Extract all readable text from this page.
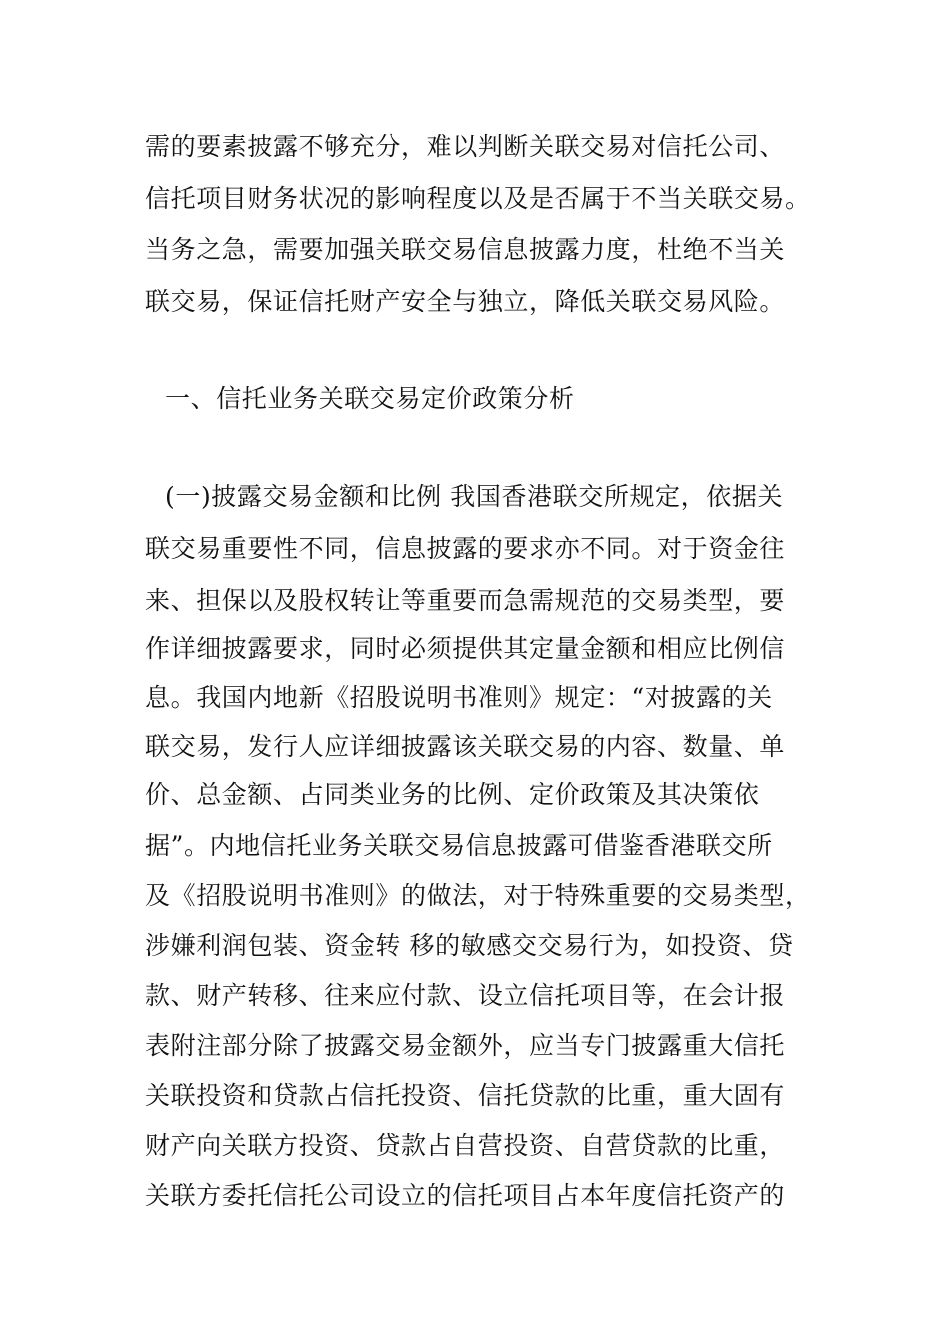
需的要素披露不够充分，难以判断关联交易对信托公司、
信托项目财务状况的影响程度以及是否属于不当关联交易。
当务之急，需要加强关联交易信息披露力度，杜绝不当关
联交易，保证信托财产安全与独立，降低关联交易风险。
一、信托业务关联交易定价政策分析
(一)披露交易金额和比例 我国香港联交所规定，依据关
联交易重要性不同，信息披露的要求亦不同。对于资金往
来、担保以及股权转让等重要而急需规范的交易类型，要
作详细披露要求，同时必须提供其定量金额和相应比例信
息。我国内地新《招股说明书准则》规定：“对披露的关
联交易，发行人应详细披露该关联交易的内容、数量、单
价、总金额、占同类业务的比例、定价政策及其决策依
据”。内地信托业务关联交易信息披露可借鉴香港联交所
及《招股说明书准则》的做法，对于特殊重要的交易类型，
涉嫌利润包装、资金转 移的敏感交交易行为，如投资、贷
款、财产转移、往来应付款、设立信托项目等，在会计报
表附注部分除了披露交易金额外，应当专门披露重大信托
关联投资和贷款占信托投资、信托贷款的比重，重大固有
财产向关联方投资、贷款占自营投资、自营贷款的比重，
关联方委托信托公司设立的信托项目占本年度信托资产的
